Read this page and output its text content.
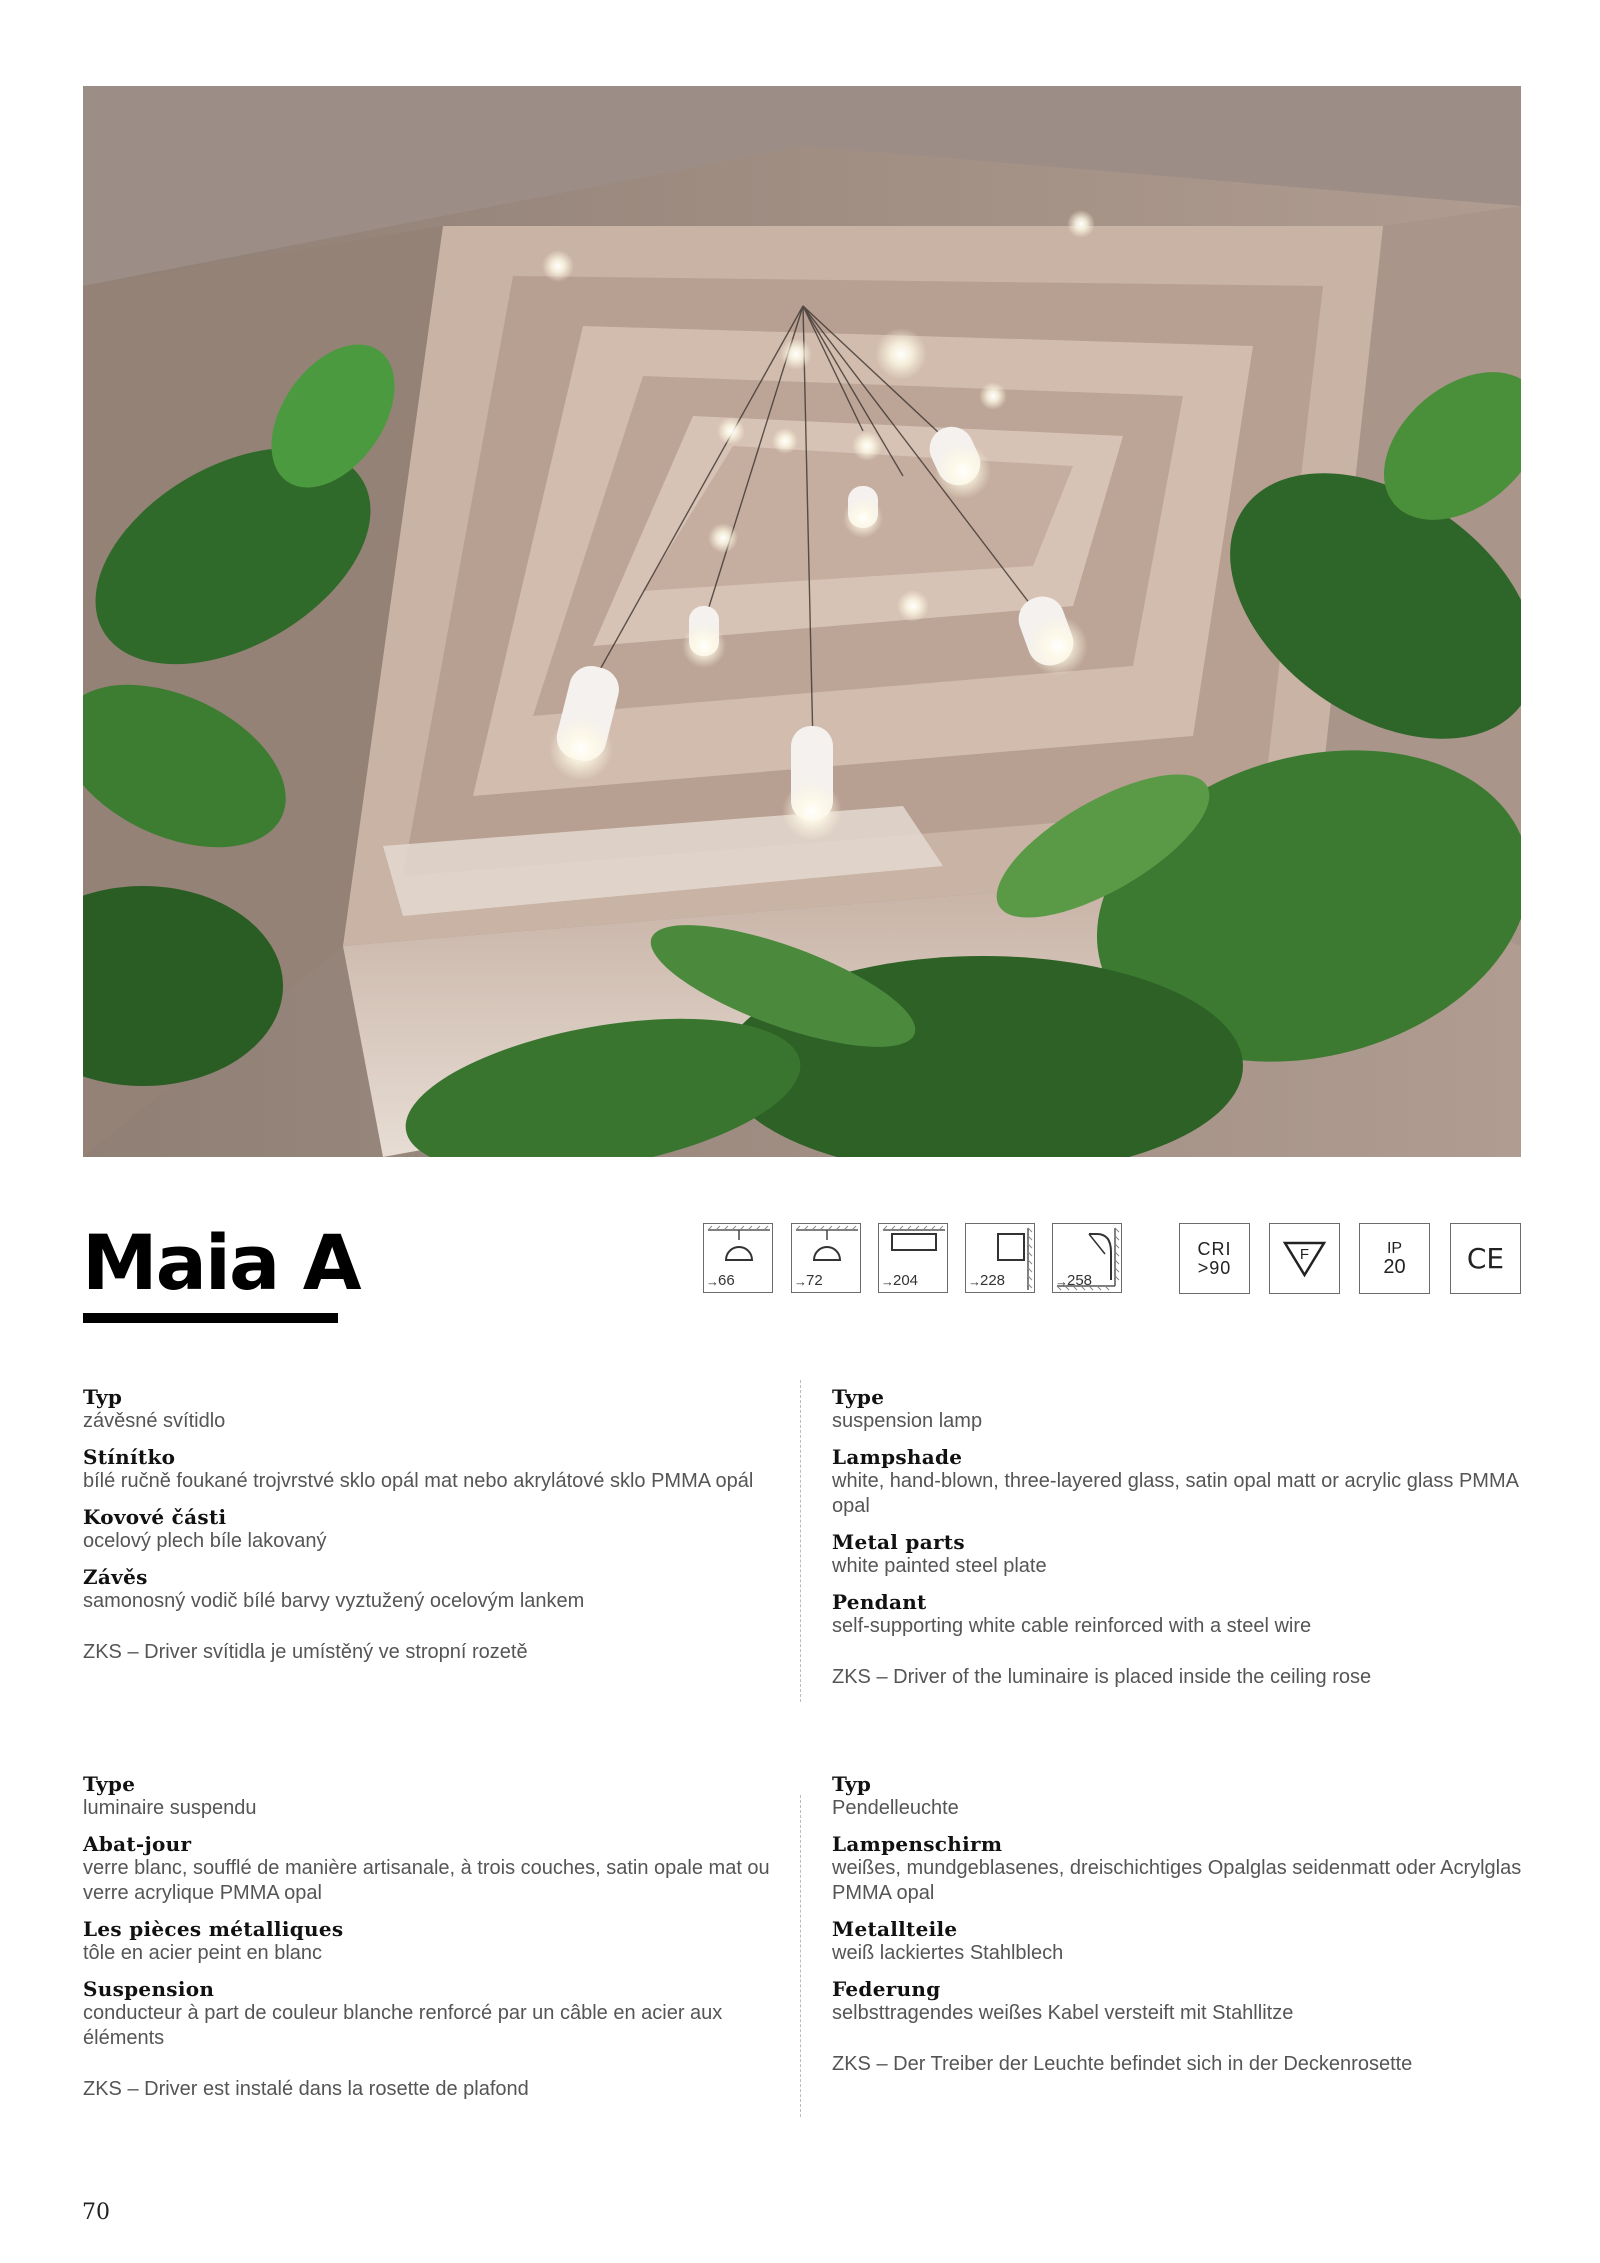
Maia A	→ 66	→ 72	→ 204	→ 228	→ 258
CRI
>90
F	IP
20 CE
Typ
závěsné svítidlo
Stínítko
bílé ručně foukané trojvrstvé sklo opál mat nebo akrylátové sklo PMMA opál
Kovové části
ocelový plech bíle lakovaný
Závěs
samonosný vodič bílé barvy vyztužený ocelovým lankem
ZKS – Driver svítidla je umístěný ve stropní rozetě
Type
suspension lamp
Lampshade
white, hand-blown, three-layered glass, satin opal matt or acrylic glass PMMA opal
Metal parts
white painted steel plate
Pendant
self-supporting white cable reinforced with a steel wire
ZKS – Driver of the luminaire is placed inside the ceiling rose
Type
luminaire suspendu
Abat-jour
verre blanc, soufflé de manière artisanale, à trois couches, satin opale mat ou verre acrylique PMMA opal
Les pièces métalliques
tôle en acier peint en blanc
Suspension
conducteur à part de couleur blanche renforcé par un câble en acier aux éléments
ZKS – Driver est instalé dans la rosette de plafond
Typ
Pendelleuchte
Lampenschirm
weißes, mundgeblasenes, dreischichtiges Opalglas seidenmatt oder Acrylglas PMMA opal
Metallteile
weiß lackiertes Stahlblech
Federung
selbsttragendes weißes Kabel versteift mit Stahllitze
ZKS – Der Treiber der Leuchte befindet sich in der Deckenrosette
70
